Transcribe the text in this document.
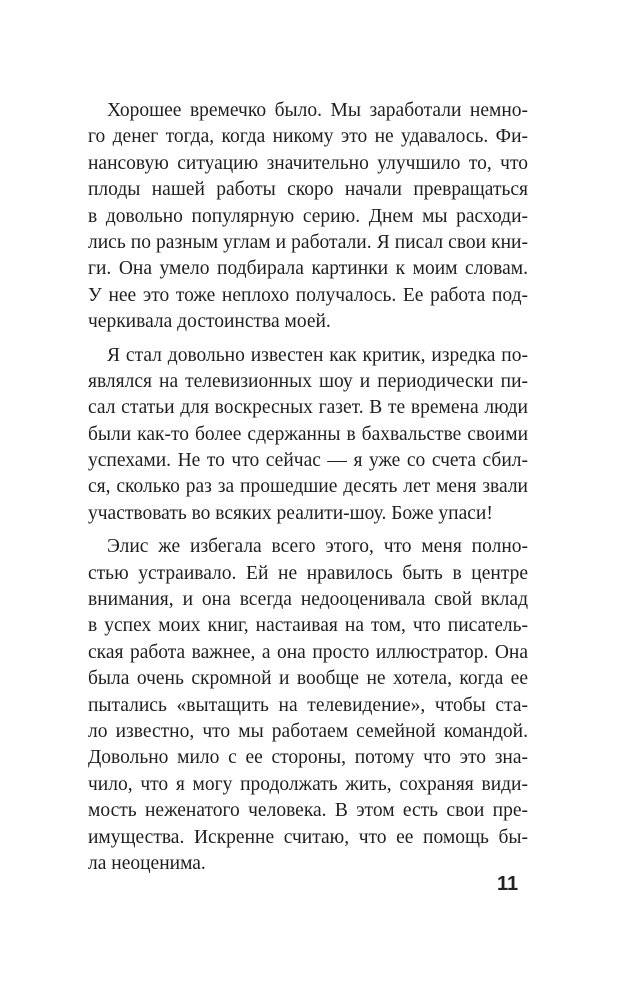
Хорошее времечко было. Мы заработали немно-
го денег тогда, когда никому это не удавалось. Фи-
нансовую ситуацию значительно улучшило то, что
плоды нашей работы скоро начали превращаться
в довольно популярную серию. Днем мы расходи-
лись по разным углам и работали. Я писал свои кни-
ги. Она умело подбирала картинки к моим словам.
У нее это тоже неплохо получалось. Ее работа под-
черкивала достоинства моей.
Я стал довольно известен как критик, изредка по-
являлся на телевизионных шоу и периодически пи-
сал статьи для воскресных газет. В те времена люди
были как-то более сдержанны в бахвальстве своими
успехами. Не то что сейчас — я уже со счета сбил-
ся, сколько раз за прошедшие десять лет меня звали
участвовать во всяких реалити-шоу. Боже упаси!
Элис же избегала всего этого, что меня полно-
стью устраивало. Ей не нравилось быть в центре
внимания, и она всегда недооценивала свой вклад
в успех моих книг, настаивая на том, что писатель-
ская работа важнее, а она просто иллюстратор. Она
была очень скромной и вообще не хотела, когда ее
пытались «вытащить на телевидение», чтобы ста-
ло известно, что мы работаем семейной командой.
Довольно мило с ее стороны, потому что это зна-
чило, что я могу продолжать жить, сохраняя види-
мость неженатого человека. В этом есть свои пре-
имущества. Искренне считаю, что ее помощь бы-
ла неоценима.
11
